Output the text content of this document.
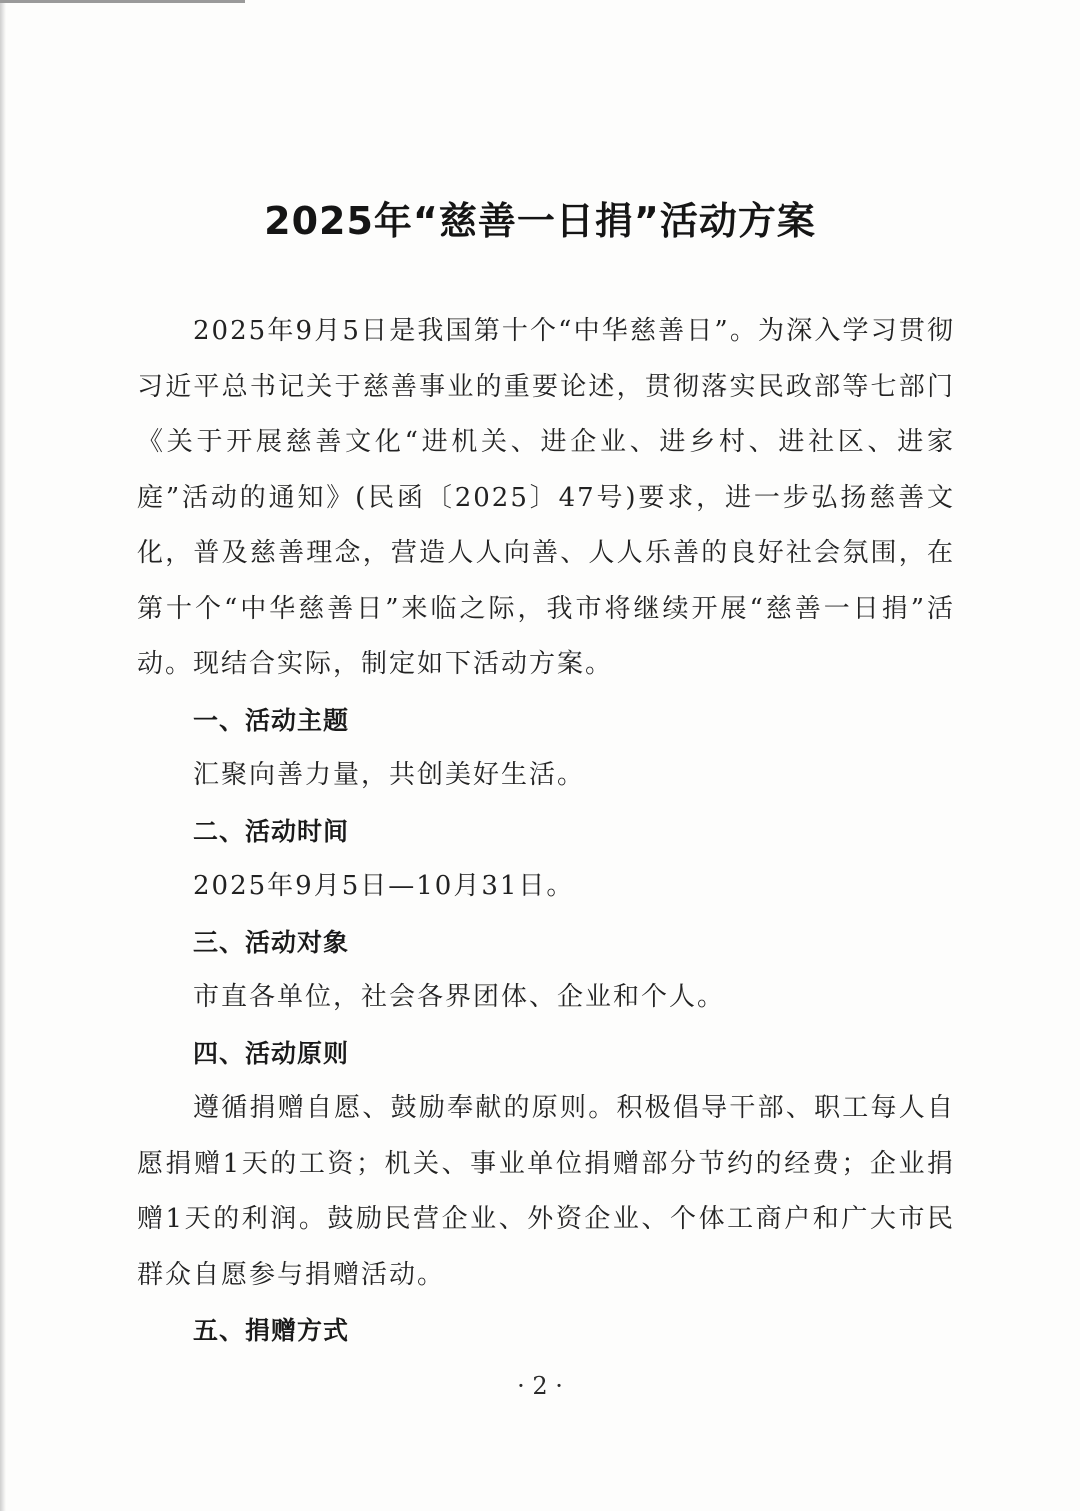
2025年“慈善一日捐”活动方案

2025年9月5日是我国第十个“中华慈善日”。为深入学习贯彻习近平总书记关于慈善事业的重要论述，贯彻落实民政部等七部门《关于开展慈善文化“进机关、进企业、进乡村、进社区、进家庭”活动的通知》(民函〔2025〕47号)要求，进一步弘扬慈善文化，普及慈善理念，营造人人向善、人人乐善的良好社会氛围，在第十个“中华慈善日”来临之际，我市将继续开展“慈善一日捐”活动。现结合实际，制定如下活动方案。

一、活动主题

汇聚向善力量，共创美好生活。

二、活动时间

2025年9月5日—10月31日。

三、活动对象

市直各单位，社会各界团体、企业和个人。

四、活动原则

遵循捐赠自愿、鼓励奉献的原则。积极倡导干部、职工每人自愿捐赠1天的工资；机关、事业单位捐赠部分节约的经费；企业捐赠1天的利润。鼓励民营企业、外资企业、个体工商户和广大市民群众自愿参与捐赠活动。

五、捐赠方式

· 2 ·
